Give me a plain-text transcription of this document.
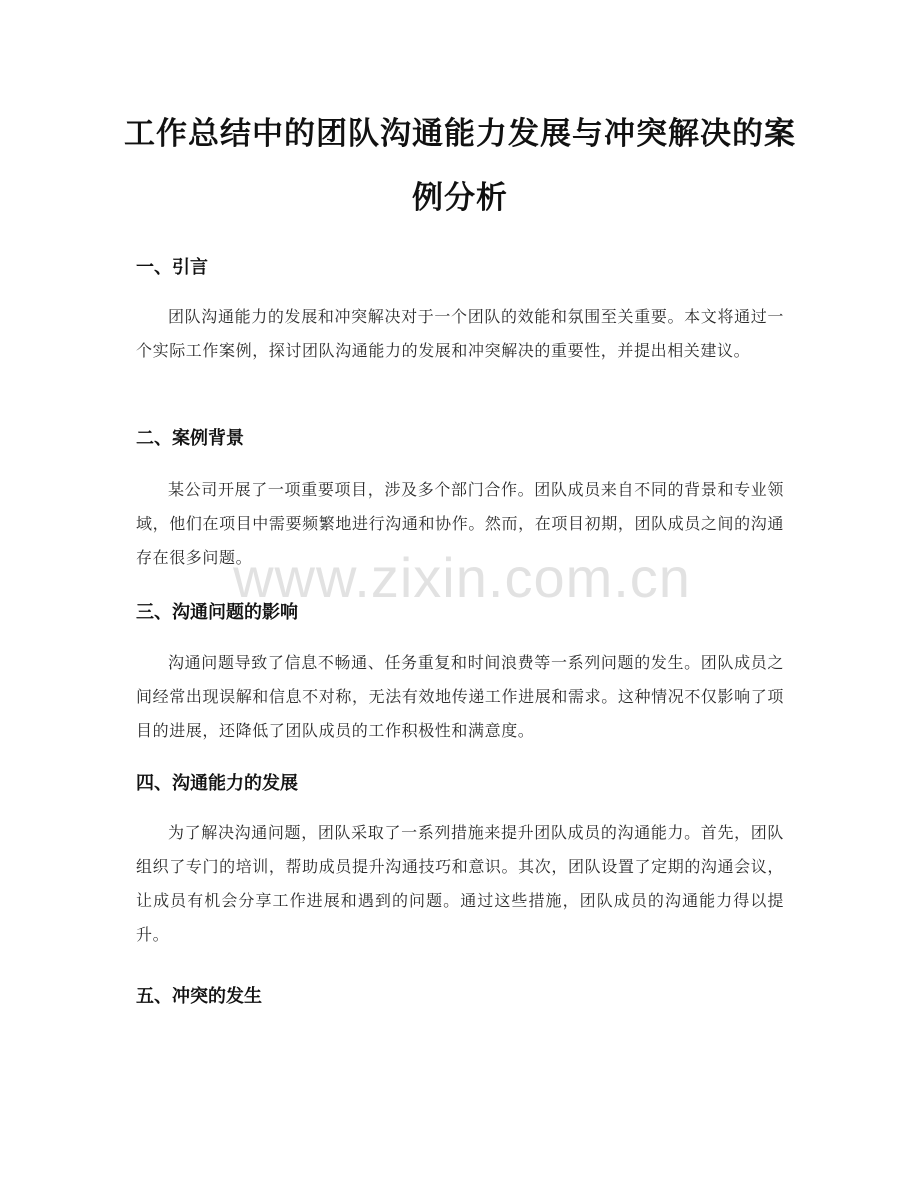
工作总结中的团队沟通能力发展与冲突解决的案例分析
一、引言
团队沟通能力的发展和冲突解决对于一个团队的效能和氛围至关重要。本文将通过一个实际工作案例，探讨团队沟通能力的发展和冲突解决的重要性，并提出相关建议。
二、案例背景
某公司开展了一项重要项目，涉及多个部门合作。团队成员来自不同的背景和专业领域，他们在项目中需要频繁地进行沟通和协作。然而，在项目初期，团队成员之间的沟通存在很多问题。
三、沟通问题的影响
沟通问题导致了信息不畅通、任务重复和时间浪费等一系列问题的发生。团队成员之间经常出现误解和信息不对称，无法有效地传递工作进展和需求。这种情况不仅影响了项目的进展，还降低了团队成员的工作积极性和满意度。
四、沟通能力的发展
为了解决沟通问题，团队采取了一系列措施来提升团队成员的沟通能力。首先，团队组织了专门的培训，帮助成员提升沟通技巧和意识。其次，团队设置了定期的沟通会议，让成员有机会分享工作进展和遇到的问题。通过这些措施，团队成员的沟通能力得以提升。
五、冲突的发生
www.zixin.com.cn
